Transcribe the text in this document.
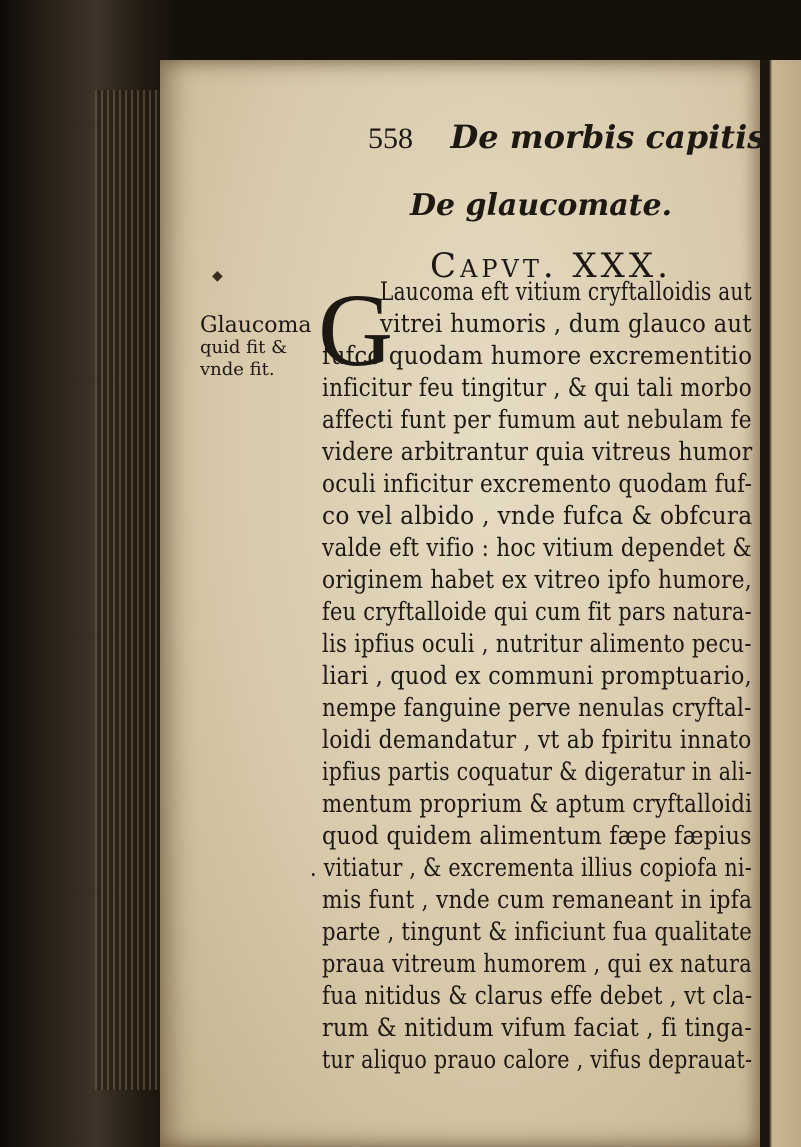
558 De morbis capitis
De glaucomate.
Capvt. XXX.
◆
Glaucoma
quid fit &
vnde fit. G
Laucoma eft vitium cryftalloidis aut
vitrei humoris , dum glauco aut
fufco quodam humore excrementitio
inficitur feu tingitur , & qui tali morbo
affecti funt per fumum aut nebulam fe
videre arbitrantur quia vitreus humor
oculi inficitur excremento quodam fuf-
co vel albido , vnde fufca & obfcura
valde eft vifio : hoc vitium dependet &
originem habet ex vitreo ipfo humore,
feu cryftalloide qui cum fit pars natura-
lis ipfius oculi , nutritur alimento pecu-
liari , quod ex communi promptuario,
nempe fanguine perve nenulas cryftal-
loidi demandatur , vt ab fpiritu innato
ipfius partis coquatur & digeratur in ali-
mentum proprium & aptum cryftalloidi
quod quidem alimentum fæpe fæpius
. vitiatur , & excrementa illius copiofa ni-
mis funt , vnde cum remaneant in ipfa
parte , tingunt & inficiunt fua qualitate
praua vitreum humorem , qui ex natura
fua nitidus & clarus effe debet , vt cla-
rum & nitidum vifum faciat , fi tinga-
tur aliquo prauo calore , vifus deprauat-
